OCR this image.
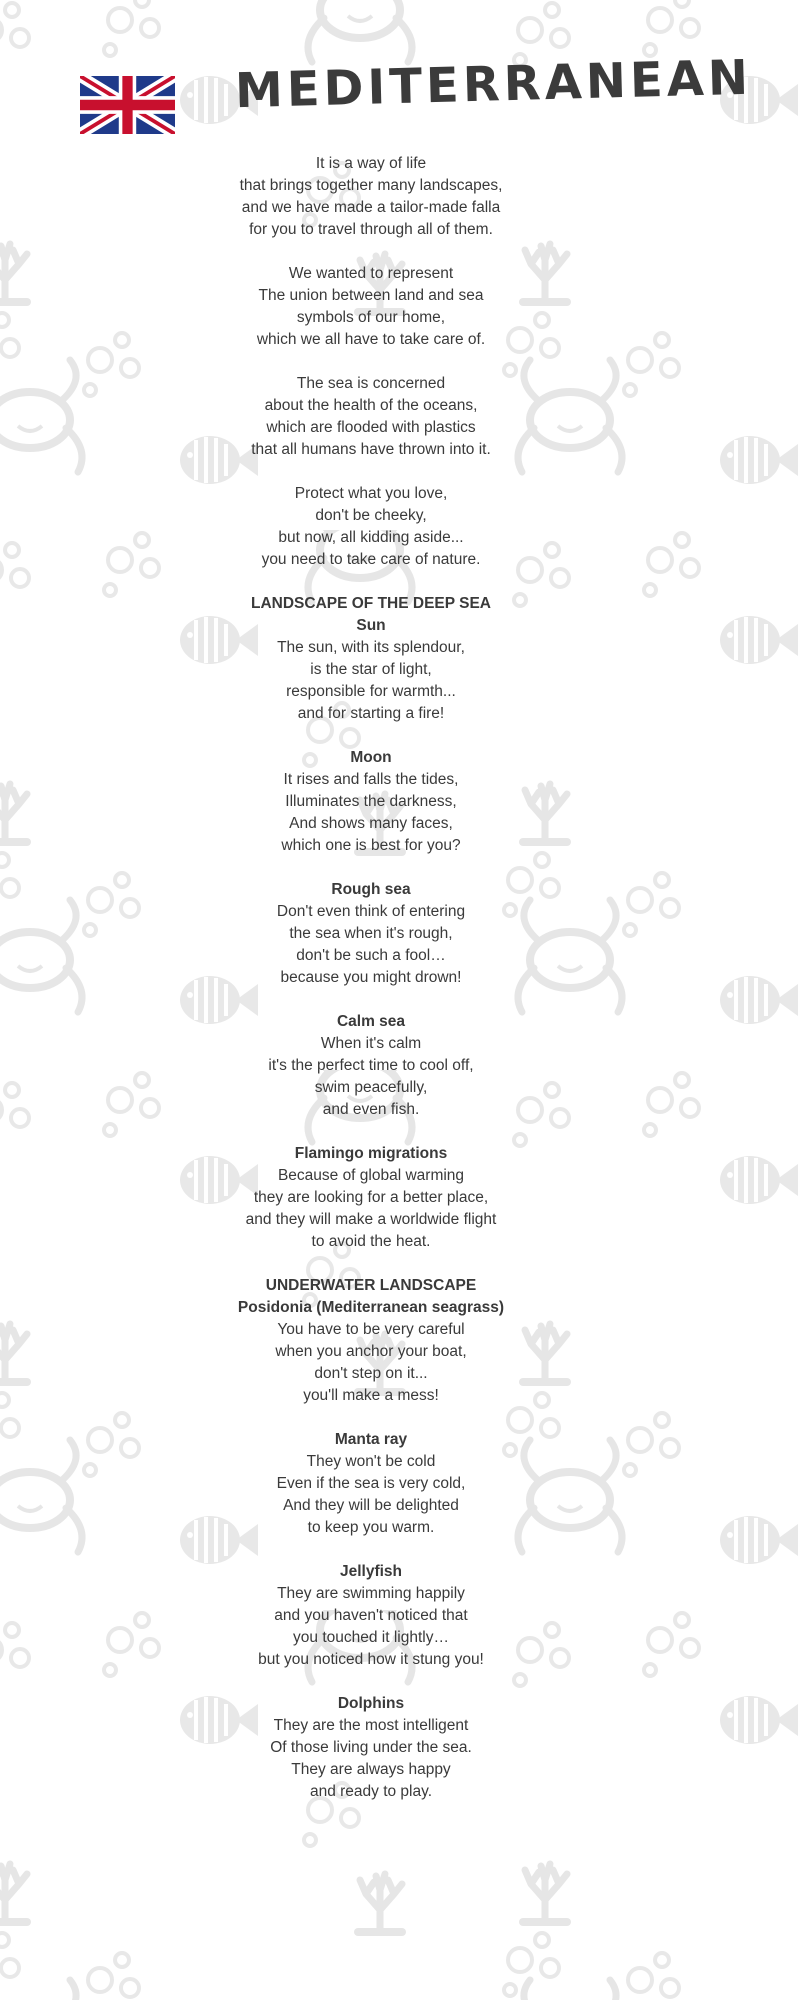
MEDITERRANEAN

It is a way of life
that brings together many landscapes,
and we have made a tailor-made falla
for you to travel through all of them.

We wanted to represent
The union between land and sea
symbols of our home,
which we all have to take care of.

The sea is concerned
about the health of the oceans,
which are flooded with plastics
that all humans have thrown into it.

Protect what you love,
don't be cheeky,
but now, all kidding aside...
you need to take care of nature.

LANDSCAPE OF THE DEEP SEA
Sun
The sun, with its splendour,
is the star of light,
responsible for warmth...
and for starting a fire!

Moon
It rises and falls the tides,
Illuminates the darkness,
And shows many faces,
which one is best for you?

Rough sea
Don't even think of entering
the sea when it's rough,
don't be such a fool…
because you might drown!

Calm sea
When it's calm
it's the perfect time to cool off,
swim peacefully,
and even fish.

Flamingo migrations
Because of global warming
they are looking for a better place,
and they will make a worldwide flight
to avoid the heat.

UNDERWATER LANDSCAPE
Posidonia (Mediterranean seagrass)
You have to be very careful
when you anchor your boat,
don't step on it...
you'll make a mess!

Manta ray
They won't be cold
Even if the sea is very cold,
And they will be delighted
to keep you warm.

Jellyfish
They are swimming happily
and you haven't noticed that
you touched it lightly…
but you noticed how it stung you!

Dolphins
They are the most intelligent
Of those living under the sea.
They are always happy
and ready to play.
